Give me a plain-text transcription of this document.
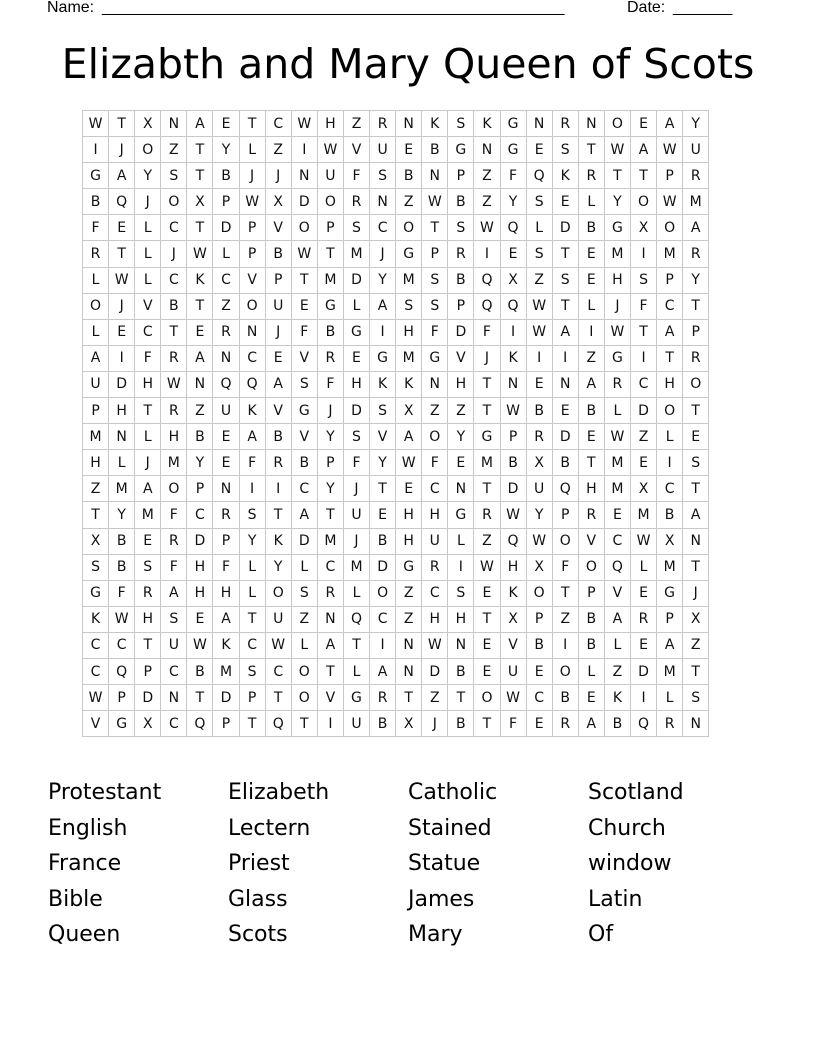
Name: _______________________________________________________	Date: _______
Elizabth and Mary Queen of Scots
W	T	X	N	A	E	T	C	W	H	Z	R	N	K	S	K	G	N	R	N	O	E	A	Y
I	J	O	Z	T	Y	L	Z	I	W	V	U	E	B	G	N	G	E	S	T	W	A	W	U
G	A	Y	S	T	B	J	J	N	U	F	S	B	N	P	Z	F	Q	K	R	T	T	P	R
B	Q	J	O	X	P	W	X	D	O	R	N	Z	W	B	Z	Y	S	E	L	Y	O	W	M
F	E	L	C	T	D	P	V	O	P	S	C	O	T	S	W	Q	L	D	B	G	X	O	A
R	T	L	J	W	L	P	B	W	T	M	J	G	P	R	I	E	S	T	E	M	I	M	R
L	W	L	C	K	C	V	P	T	M	D	Y	M	S	B	Q	X	Z	S	E	H	S	P	Y
O	J	V	B	T	Z	O	U	E	G	L	A	S	S	P	Q	Q	W	T	L	J	F	C	T
L	E	C	T	E	R	N	J	F	B	G	I	H	F	D	F	I	W	A	I	W	T	A	P
A	I	F	R	A	N	C	E	V	R	E	G	M	G	V	J	K	I	I	Z	G	I	T	R
U	D	H	W	N	Q	Q	A	S	F	H	K	K	N	H	T	N	E	N	A	R	C	H	O
P	H	T	R	Z	U	K	V	G	J	D	S	X	Z	Z	T	W	B	E	B	L	D	O	T
M	N	L	H	B	E	A	B	V	Y	S	V	A	O	Y	G	P	R	D	E	W	Z	L	E
H	L	J	M	Y	E	F	R	B	P	F	Y	W	F	E	M	B	X	B	T	M	E	I	S
Z	M	A	O	P	N	I	I	C	Y	J	T	E	C	N	T	D	U	Q	H	M	X	C	T
T	Y	M	F	C	R	S	T	A	T	U	E	H	H	G	R	W	Y	P	R	E	M	B	A
X	B	E	R	D	P	Y	K	D	M	J	B	H	U	L	Z	Q	W	O	V	C	W	X	N
S	B	S	F	H	F	L	Y	L	C	M	D	G	R	I	W	H	X	F	O	Q	L	M	T
G	F	R	A	H	H	L	O	S	R	L	O	Z	C	S	E	K	O	T	P	V	E	G	J
K	W	H	S	E	A	T	U	Z	N	Q	C	Z	H	H	T	X	P	Z	B	A	R	P	X
C	C	T	U	W	K	C	W	L	A	T	I	N	W	N	E	V	B	I	B	L	E	A	Z
C	Q	P	C	B	M	S	C	O	T	L	A	N	D	B	E	U	E	O	L	Z	D	M	T
W	P	D	N	T	D	P	T	O	V	G	R	T	Z	T	O	W	C	B	E	K	I	L	S
V	G	X	C	Q	P	T	Q	T	I	U	B	X	J	B	T	F	E	R	A	B	Q	R	N
Protestant	Elizabeth	Catholic	Scotland
English	Lectern	Stained	Church
France	Priest	Statue	window
Bible	Glass	James	Latin
Queen	Scots	Mary	Of
